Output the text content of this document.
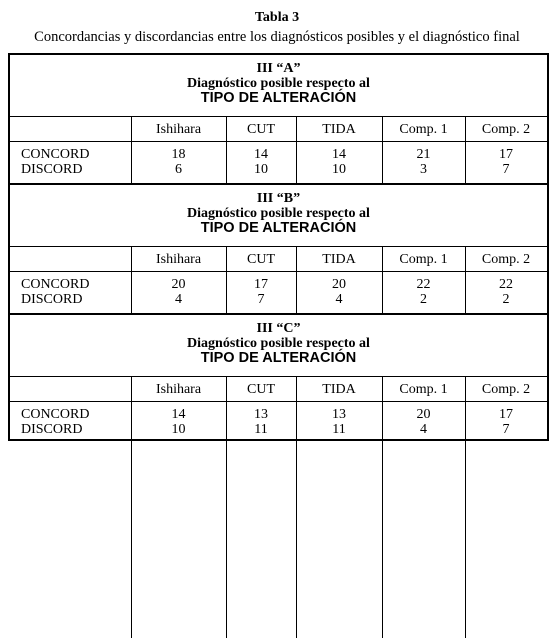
Tabla 3
Concordancias y discordancias entre los diagnósticos posibles y el diagnóstico final
III “A”
Diagnóstico posible respecto al
TIPO DE ALTERACIÓN
Ishihara	CUT	TIDA	Comp. 1	Comp. 2
CONCORD	18	14	14	21	17
DISCORD	6	10	10	3	7
III “B”
Diagnóstico posible respecto al
TIPO DE ALTERACIÓN
Ishihara	CUT	TIDA	Comp. 1	Comp. 2
CONCORD	20	17	20	22	22
DISCORD	4	7	4	2	2
III “C”
Diagnóstico posible respecto al
TIPO DE ALTERACIÓN
Ishihara	CUT	TIDA	Comp. 1	Comp. 2
CONCORD	14	13	13	20	17
DISCORD	10	11	11	4	7
